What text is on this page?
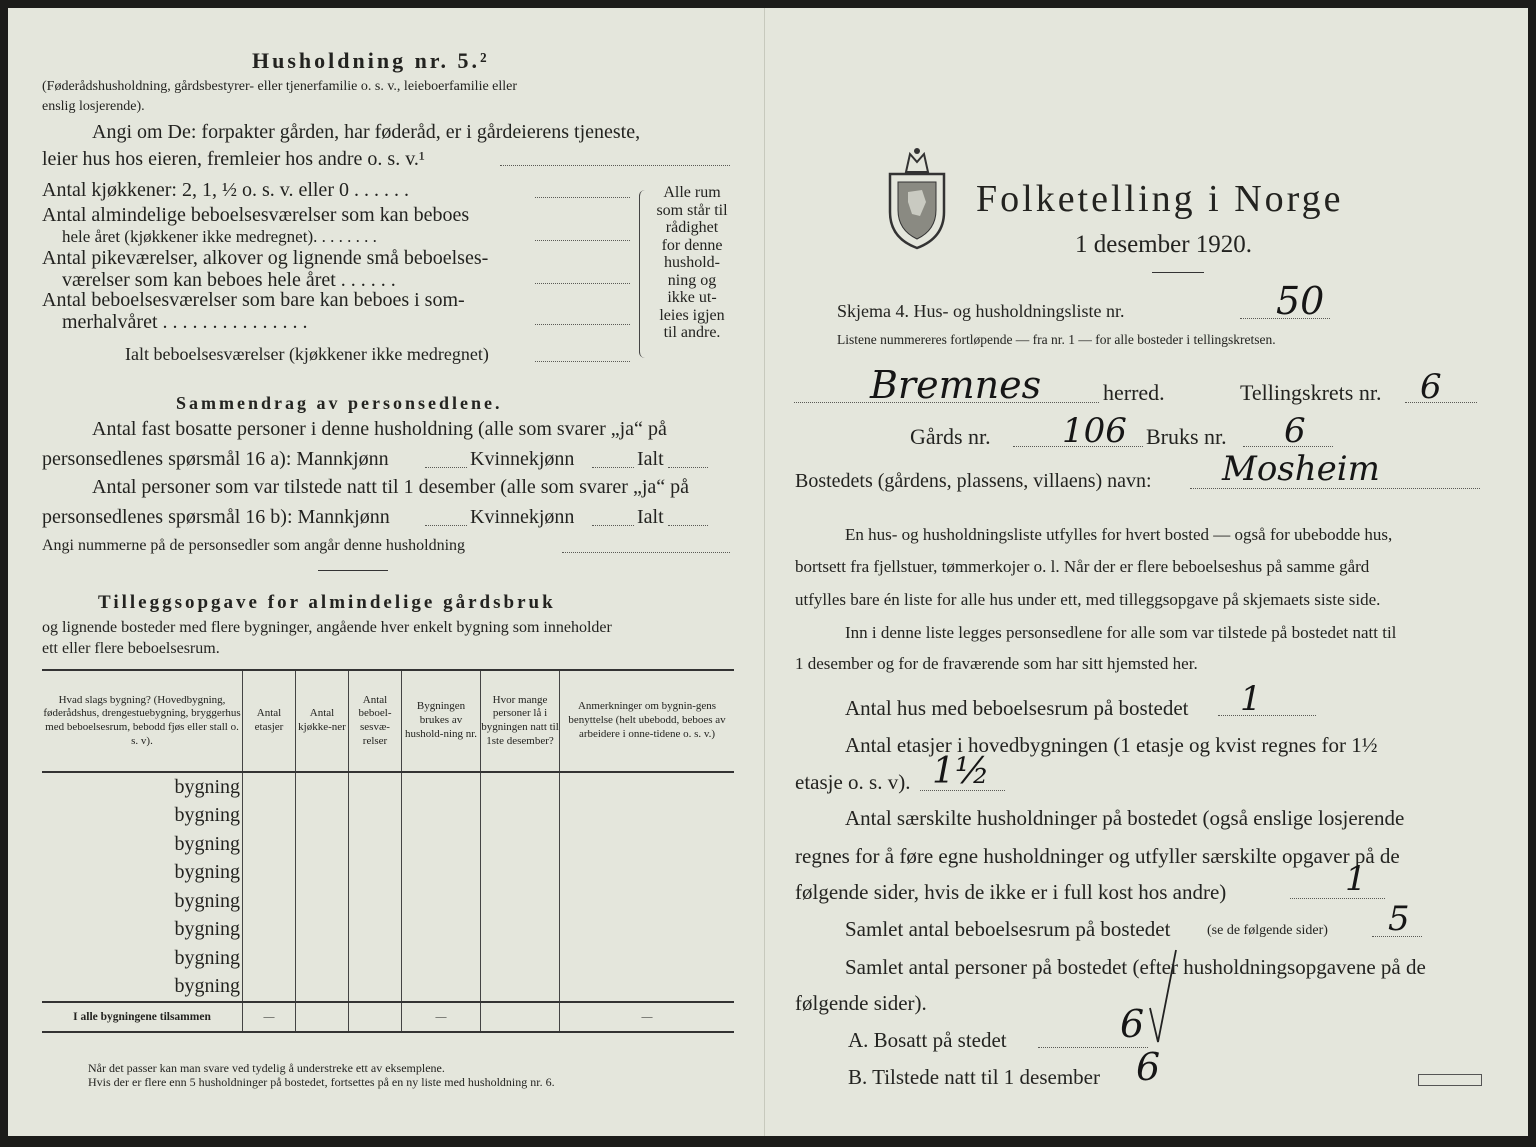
Husholdning nr. 5.²
(Føderådshusholdning, gårdsbestyrer- eller tjenerfamilie o. s. v., leieboerfamilie eller
enslig losjerende).
Angi om De: forpakter gården, har føderåd, er i gårdeierens tjeneste,
leier hus hos eieren, fremleier hos andre o. s. v.¹
Antal kjøkkener: 2, 1, ½ o. s. v. eller 0 . . . . . .
Antal almindelige beboelsesværelser som kan beboes
hele året (kjøkkener ikke medregnet). . . . . . . .
Antal pikeværelser, alkover og lignende små beboelses-
værelser som kan beboes hele året . . . . . .
Antal beboelsesværelser som bare kan beboes i som-
merhalvåret . . . . . . . . . . . . . . .
Ialt beboelsesværelser (kjøkkener ikke medregnet)
Alle rum
som står til
rådighet
for denne
hushold-
ning og
ikke ut-
leies igjen
til andre.
Sammendrag av personsedlene.
Antal fast bosatte personer i denne husholdning (alle som svarer „ja“ på
personsedlenes spørsmål 16 a): Mannkjønn	Kvinnekjønn	Ialt
Antal personer som var tilstede natt til 1 desember (alle som svarer „ja“ på
personsedlenes spørsmål 16 b): Mannkjønn	Kvinnekjønn	Ialt
Angi nummerne på de personsedler som angår denne husholdning
Tilleggsopgave for almindelige gårdsbruk
og lignende bosteder med flere bygninger, angående hver enkelt bygning som inneholder
ett eller flere beboelsesrum.
Hvad slags bygning? (Hovedbygning, føderådshus, drengestuebygning, bryggerhus med beboelsesrum, bebodd fjøs eller stall o. s. v).	Antal etasjer	Antal kjøkke-ner	Antal beboel-sesvæ-relser	Bygningen brukes av hushold-ning nr.	Hvor mange personer lå i bygningen natt til 1ste desember?	Anmerkninger om bygnin-gens benyttelse (helt ubebodd, beboes av arbeidere i onne-tidene o. s. v.)
bygning						
bygning						
bygning						
bygning						
bygning						
bygning						
bygning						
bygning						
I alle bygningene tilsammen	—			—		—
Når det passer kan man svare ved tydelig å understreke ett av eksemplene.
Hvis der er flere enn 5 husholdninger på bostedet, fortsettes på en ny liste med husholdning nr. 6.
Folketelling i Norge
1 desember 1920.
Skjema 4. Hus- og husholdningsliste nr.	50
Listene nummereres fortløpende — fra nr. 1 — for alle bosteder i tellingskretsen.
Bremnes	herred.	Tellingskrets nr. 6
Gårds nr. 106 Bruks nr. 6
Bostedets (gårdens, plassens, villaens) navn: Mosheim
En hus- og husholdningsliste utfylles for hvert bosted — også for ubebodde hus,
bortsett fra fjellstuer, tømmerkojer o. l. Når der er flere beboelseshus på samme gård
utfylles bare én liste for alle hus under ett, med tilleggsopgave på skjemaets siste side.
Inn i denne liste legges personsedlene for alle som var tilstede på bostedet natt til
1 desember og for de fraværende som har sitt hjemsted her.
Antal hus med beboelsesrum på bostedet 1
Antal etasjer i hovedbygningen (1 etasje og kvist regnes for 1½
etasje o. s. v). 1½
Antal særskilte husholdninger på bostedet (også enslige losjerende
regnes for å føre egne husholdninger og utfyller særskilte opgaver på de
følgende sider, hvis de ikke er i full kost hos andre)	1
Samlet antal beboelsesrum på bostedet	(se de følgende sider) 5
Samlet antal personer på bostedet (efter husholdningsopgavene på de
følgende sider).
A. Bosatt på stedet	6
B. Tilstede natt til 1 desember 6
